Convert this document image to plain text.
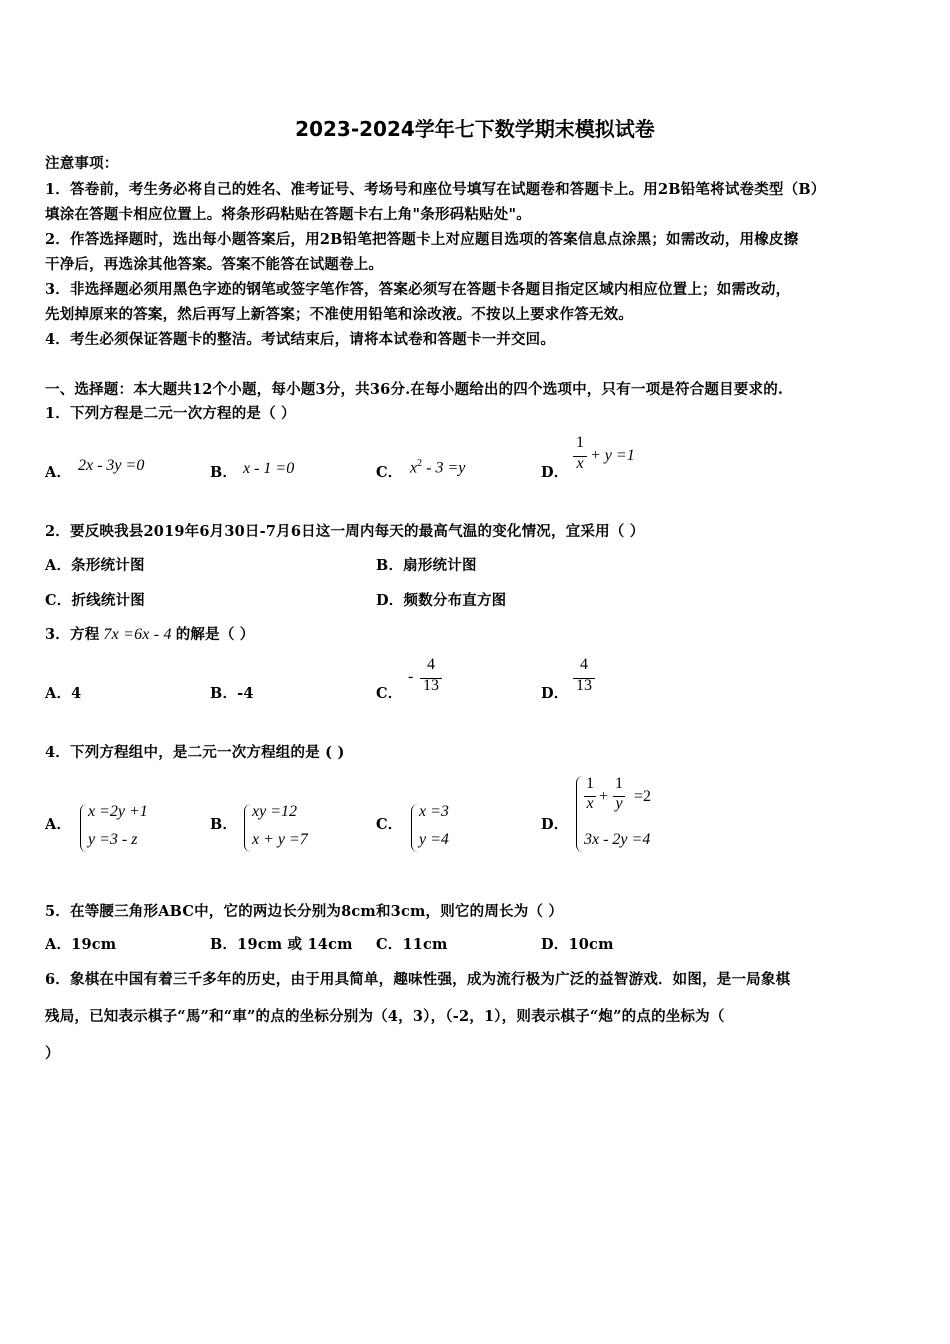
2023-2024学年七下数学期末模拟试卷
注意事项：
1．答卷前，考生务必将自己的姓名、准考证号、考场号和座位号填写在试题卷和答题卡上。用2B铅笔将试卷类型（B）
填涂在答题卡相应位置上。将条形码粘贴在答题卡右上角"条形码粘贴处"。
2．作答选择题时，选出每小题答案后，用2B铅笔把答题卡上对应题目选项的答案信息点涂黑；如需改动，用橡皮擦
干净后，再选涂其他答案。答案不能答在试题卷上。
3．非选择题必须用黑色字迹的钢笔或签字笔作答，答案必须写在答题卡各题目指定区域内相应位置上；如需改动，
先划掉原来的答案，然后再写上新答案；不准使用铅笔和涂改液。不按以上要求作答无效。
4．考生必须保证答题卡的整洁。考试结束后，请将本试卷和答题卡一并交回。
一、选择题：本大题共12个小题，每小题3分，共36分.在每小题给出的四个选项中，只有一项是符合题目要求的.
1．下列方程是二元一次方程的是（ ）
A． 2x - 3y =0	B． x - 1 =0	C． $x^2 - 3 =y$	D．
1
x + y =1
2．要反映我县2019年6月30日-7月6日这一周内每天的最高气温的变化情况，宜采用（ ）
A．条形统计图	B．扇形统计图
C．折线统计图	D．频数分布直方图
3．方程 7x =6x - 4 的解是（ ）
A．4	B．-4	C．
-
4
13	D．
4
13
4．下列方程组中，是二元一次方程组的是 ( )
A．
x =2y +1
y =3 - z
B．
xy =12
x + y =7
C．
x =3
y =4
D．
1
x +
1
y =2
3x - 2y =4
5．在等腰三角形ABC中，它的两边长分别为8cm和3cm，则它的周长为（ ）
A．19cm	B．19cm 或 14cm C．11cm	D．10cm
6．象棋在中国有着三千多年的历史，由于用具简单，趣味性强，成为流行极为广泛的益智游戏．如图，是一局象棋
残局，已知表示棋子“馬”和“車”的点的坐标分别为（4，3），（-2，1），则表示棋子“炮”的点的坐标为（
）
